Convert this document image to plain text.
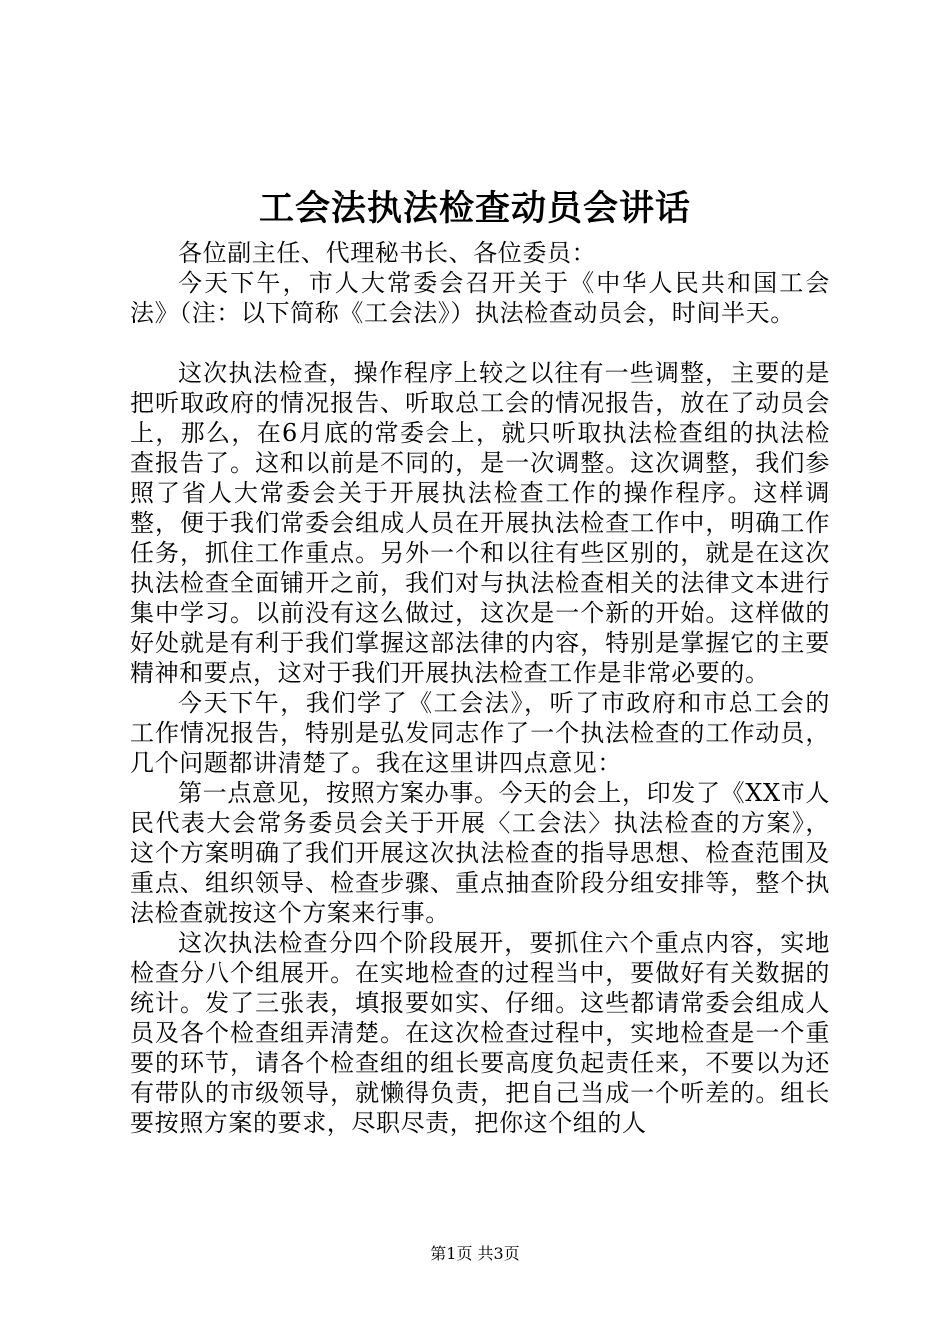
工会法执法检查动员会讲话

各位副主任、代理秘书长、各位委员：

今天下午，市人大常委会召开关于《中华人民共和国工会法》（注：以下简称《工会法》）执法检查动员会，时间半天。

这次执法检查，操作程序上较之以往有一些调整，主要的是把听取政府的情况报告、听取总工会的情况报告，放在了动员会上，那么，在6月底的常委会上，就只听取执法检查组的执法检查报告了。这和以前是不同的，是一次调整。这次调整，我们参照了省人大常委会关于开展执法检查工作的操作程序。这样调整，便于我们常委会组成人员在开展执法检查工作中，明确工作任务，抓住工作重点。另外一个和以往有些区别的，就是在这次执法检查全面铺开之前，我们对与执法检查相关的法律文本进行集中学习。以前没有这么做过，这次是一个新的开始。这样做的好处就是有利于我们掌握这部法律的内容，特别是掌握它的主要精神和要点，这对于我们开展执法检查工作是非常必要的。

今天下午，我们学了《工会法》，听了市政府和市总工会的工作情况报告，特别是弘发同志作了一个执法检查的工作动员，几个问题都讲清楚了。我在这里讲四点意见：

第一点意见，按照方案办事。今天的会上，印发了《XX市人民代表大会常务委员会关于开展〈工会法〉执法检查的方案》，这个方案明确了我们开展这次执法检查的指导思想、检查范围及重点、组织领导、检查步骤、重点抽查阶段分组安排等，整个执法检查就按这个方案来行事。

这次执法检查分四个阶段展开，要抓住六个重点内容，实地检查分八个组展开。在实地检查的过程当中，要做好有关数据的统计。发了三张表，填报要如实、仔细。这些都请常委会组成人员及各个检查组弄清楚。在这次检查过程中，实地检查是一个重要的环节，请各个检查组的组长要高度负起责任来，不要以为还有带队的市级领导，就懒得负责，把自己当成一个听差的。组长要按照方案的要求，尽职尽责，把你这个组的人

第1页 共3页
